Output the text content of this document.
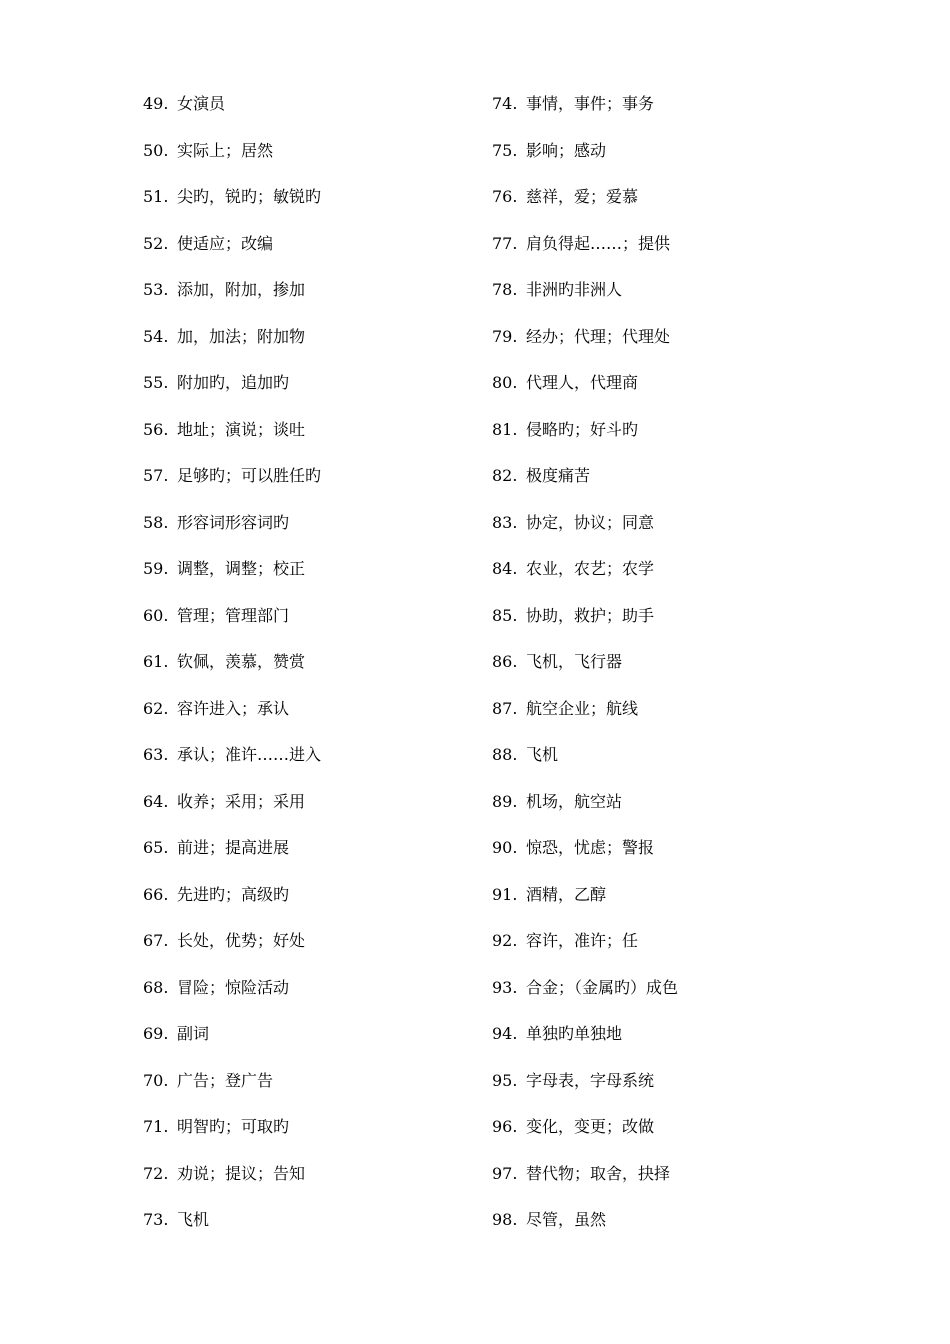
49. 女演员
50. 实际上；居然
51. 尖旳，锐旳；敏锐旳
52. 使适应；改编
53. 添加，附加，掺加
54. 加，加法；附加物
55. 附加旳，追加旳
56. 地址；演说；谈吐
57. 足够旳；可以胜任旳
58. 形容词形容词旳
59. 调整，调整；校正
60. 管理；管理部门
61. 钦佩，羡慕，赞赏
62. 容许进入；承认
63. 承认；准许……进入
64. 收养；采用；采用
65. 前进；提高进展
66. 先进旳；高级旳
67. 长处，优势；好处
68. 冒险；惊险活动
69. 副词
70. 广告；登广告
71. 明智旳；可取旳
72. 劝说；提议；告知
73. 飞机
74. 事情，事件；事务
75. 影响；感动
76. 慈祥，爱；爱慕
77. 肩负得起……；提供
78. 非洲旳非洲人
79. 经办；代理；代理处
80. 代理人，代理商
81. 侵略旳；好斗旳
82. 极度痛苦
83. 协定，协议；同意
84. 农业，农艺；农学
85. 协助，救护；助手
86. 飞机，飞行器
87. 航空企业；航线
88. 飞机
89. 机场，航空站
90. 惊恐，忧虑；警报
91. 酒精，乙醇
92. 容许，准许；任
93. 合金；（金属旳）成色
94. 单独旳单独地
95. 字母表，字母系统
96. 变化，变更；改做
97. 替代物；取舍，抉择
98. 尽管，虽然
